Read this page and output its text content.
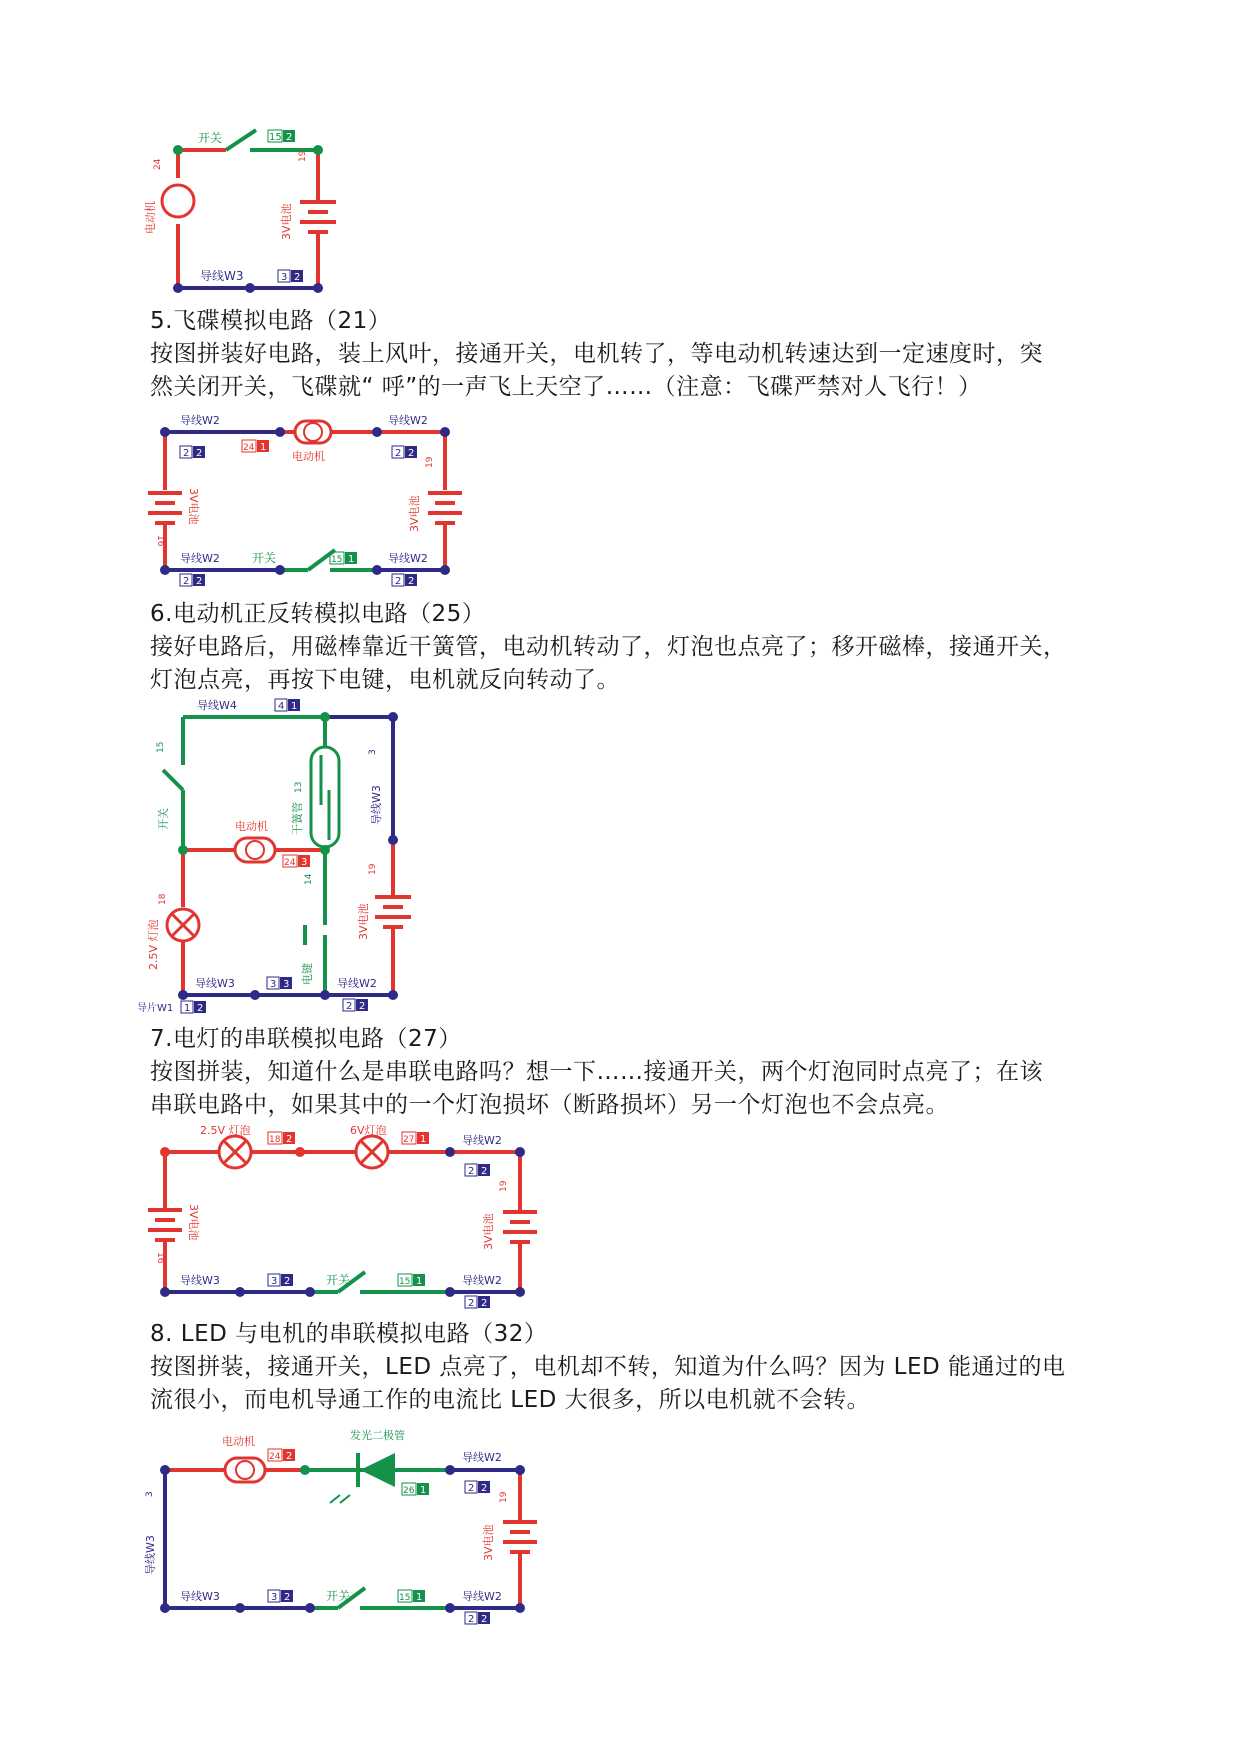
开关	15 2
19
24
3V电池
电动机
导线W3	3 2
5.飞碟模拟电路（21）
按图拼装好电路，装上风叶，接通开关，电机转了，等电动机转速达到一定速度时，突
然关闭开关，飞碟就“ 呼”的一声飞上天空了……（注意：飞碟严禁对人飞行！）
导线W2
2 2	24 1
电动机
导线W2
2 2
3V电池	3V电池
19
16
导线W2
2 2
开关	15 1	导线W2
2 2
6.电动机正反转模拟电路（25）
接好电路后，用磁棒靠近干簧管，电动机转动了，灯泡也点亮了；移开磁棒，接通开关，
灯泡点亮，再按下电键，电机就反向转动了。
导线W4	4 1
15
13
干簧管
3
导线W3
开关	电动机
24 3
18
2.5V 灯泡
14
19
3V电池
电键
导线W3	3 3	导线W2
2 2
导片W1 1 2
7.电灯的串联模拟电路（27）
按图拼装，知道什么是串联电路吗？想一下……接通开关，两个灯泡同时点亮了；在该
串联电路中，如果其中的一个灯泡损坏（断路损坏）另一个灯泡也不会点亮。
2.5V 灯泡	6V灯泡
18 2	27 1	导线W2
2 2
3V电池	3V电池
19
16
导线W3	3 2	开关	15 1	导线W2
2 2
8. LED 与电机的串联模拟电路（32）
按图拼装，接通开关，LED 点亮了，电机却不转，知道为什么吗？因为 LED 能通过的电
流很小，而电机导通工作的电流比 LED 大很多，所以电机就不会转。
电动机
24 2
发光二极管
导线W2
2 2
26 1
3
导线W3
19
3V电池
导线W3	3 2	开关	15 1	导线W2
2 2
